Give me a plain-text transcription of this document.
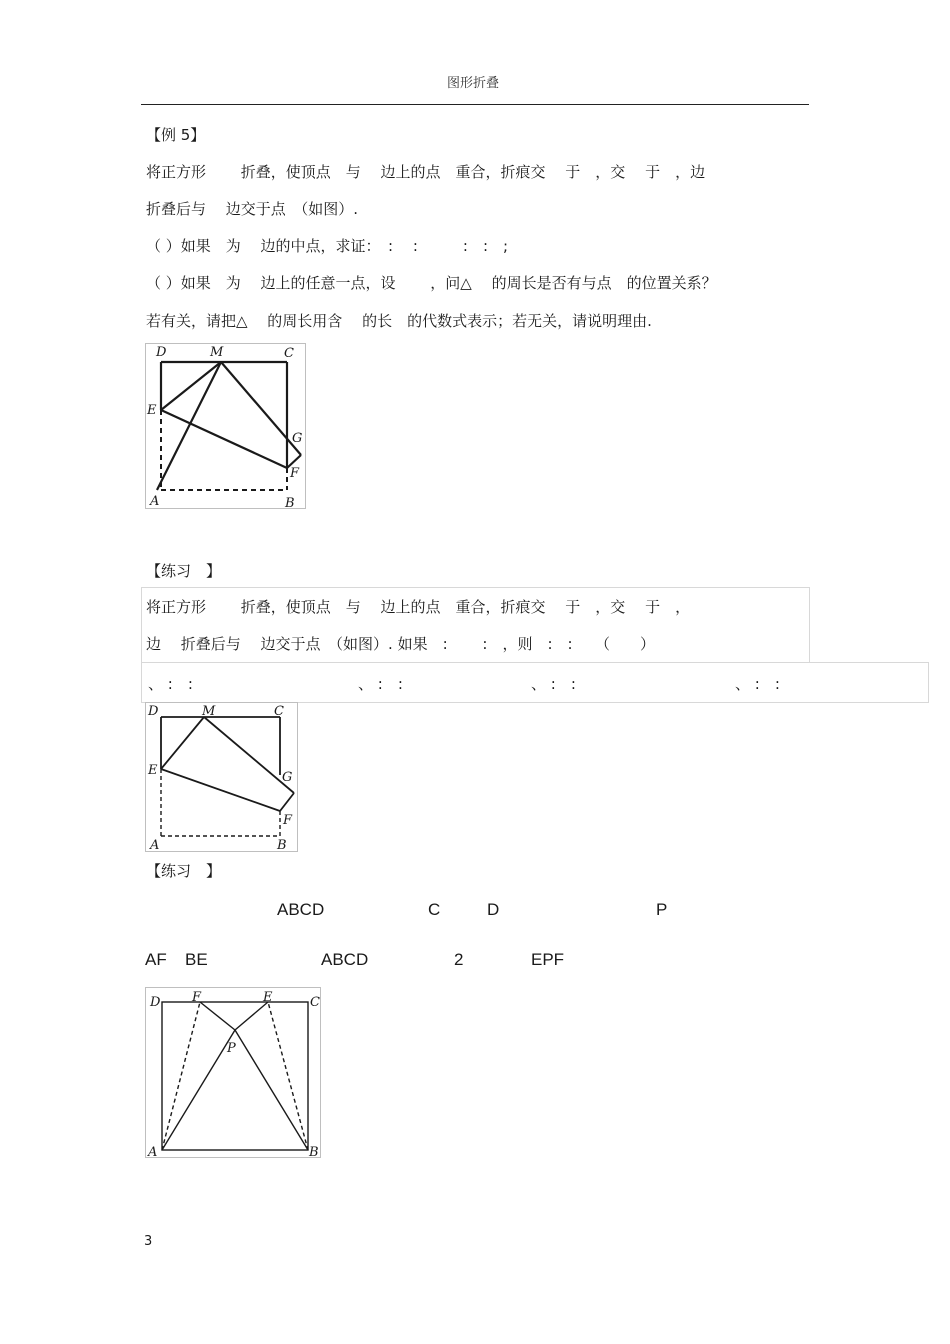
图形折叠
【例 5】
将正方形　　 折叠，使顶点　与　 边上的点　重合，折痕交　 于　，交　 于　，边
折叠后与　 边交于点　（如图）.
（ ）如果　为　 边的中点，求证：　:　 :　　　:　:　;
（ ）如果　为　 边上的任意一点，设　　 ，问△　 的周长是否有与点　的位置关系？
若有关，请把△　 的周长用含　 的长　的代数式表示；若无关，请说明理由.
D	M	C
E
G
F
A	B
【练习　】
将正方形　　 折叠，使顶点　与　 边上的点　重合，折痕交　 于　，交　 于　，
边　 折叠后与　 边交于点　（如图）. 如果　:　　 :　，则　:　:　　（　　）
、 :　:	、 :　:	、 :　:	、 :　:
D	M	C
E	G
F
A	B
【练习　】
ABCD	C	D	P
AF BE	ABCD	2	EPF
D F	E	C
P
A	B
3
